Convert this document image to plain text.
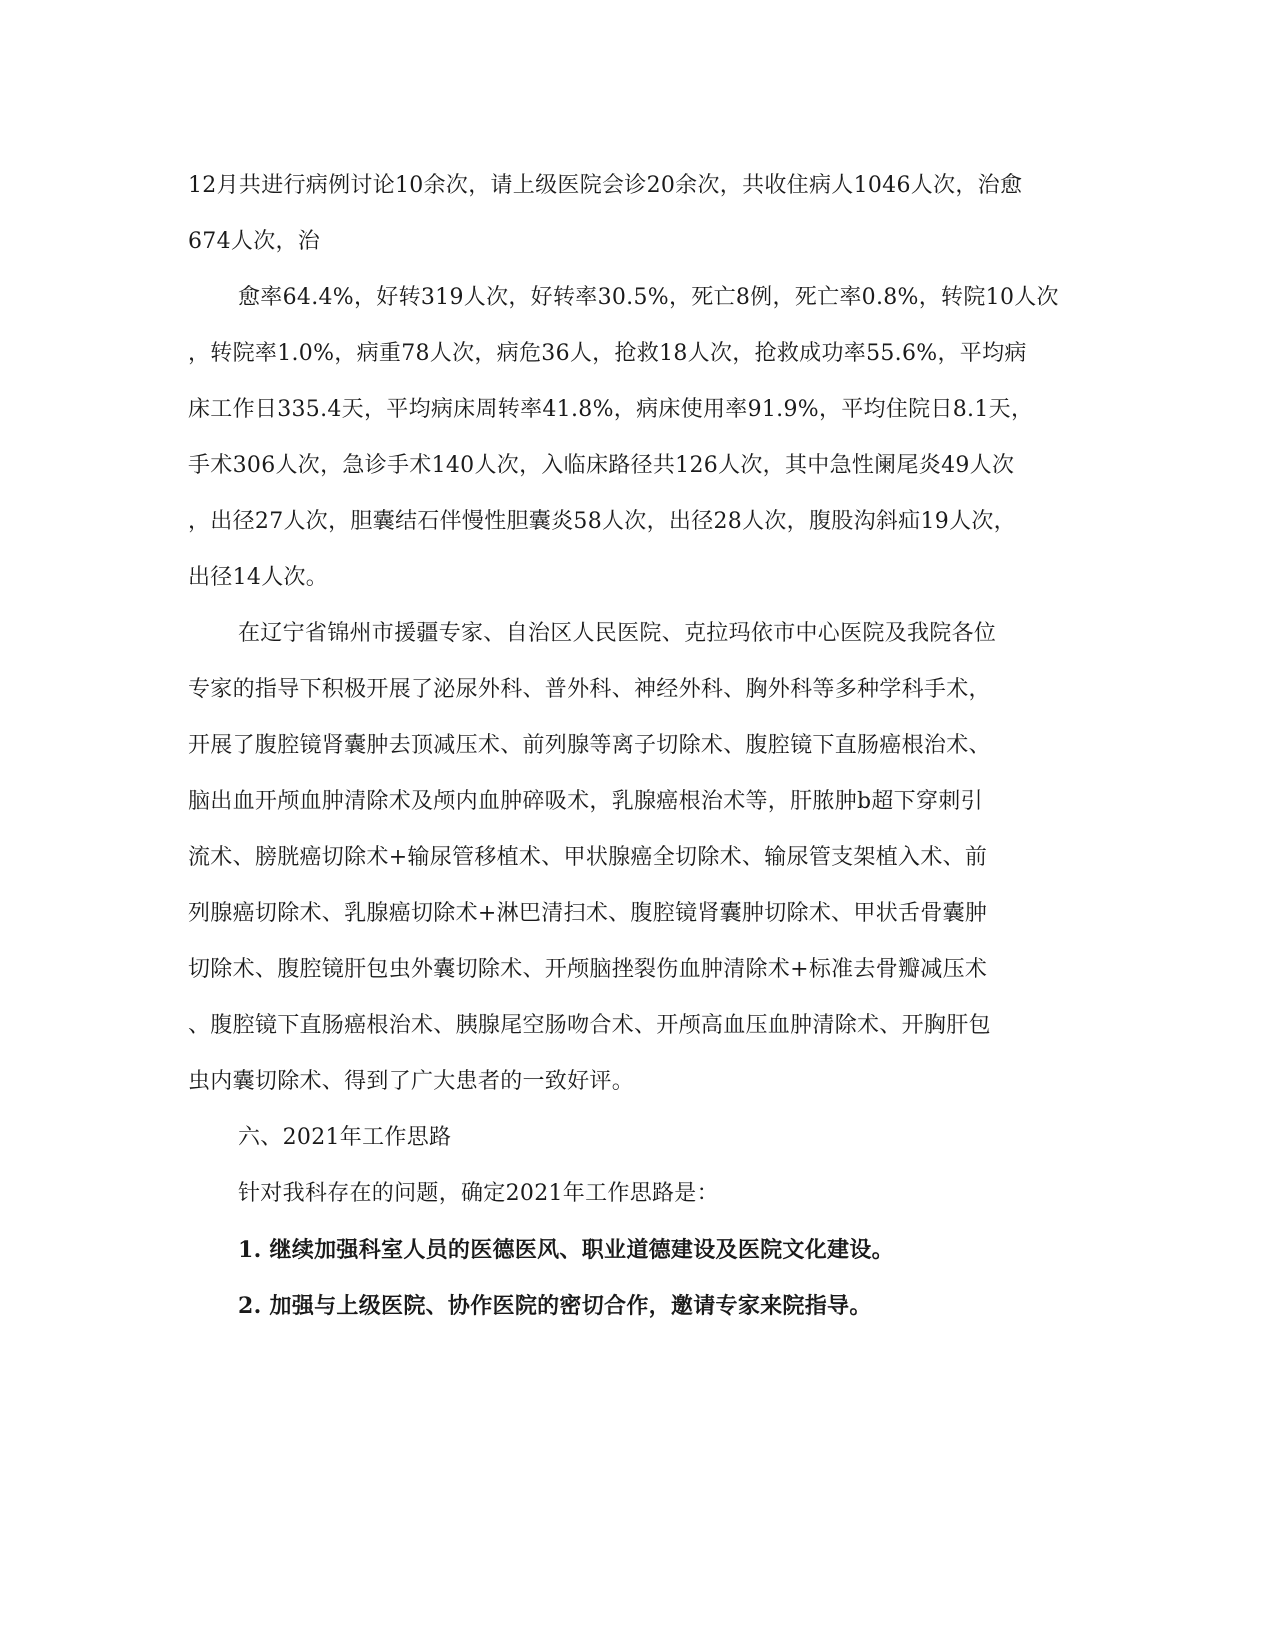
12月共进行病例讨论10余次，请上级医院会诊20余次，共收住病人1046人次，治愈
674人次，治
愈率64.4%，好转319人次，好转率30.5%，死亡8例，死亡率0.8%，转院10人次
，转院率1.0%，病重78人次，病危36人，抢救18人次，抢救成功率55.6%，平均病
床工作日335.4天，平均病床周转率41.8%，病床使用率91.9%，平均住院日8.1天，
手术306人次，急诊手术140人次，入临床路径共126人次，其中急性阑尾炎49人次
，出径27人次，胆囊结石伴慢性胆囊炎58人次，出径28人次，腹股沟斜疝19人次，
出径14人次。
在辽宁省锦州市援疆专家、自治区人民医院、克拉玛依市中心医院及我院各位
专家的指导下积极开展了泌尿外科、普外科、神经外科、胸外科等多种学科手术，
开展了腹腔镜肾囊肿去顶减压术、前列腺等离子切除术、腹腔镜下直肠癌根治术、
脑出血开颅血肿清除术及颅内血肿碎吸术，乳腺癌根治术等，肝脓肿b超下穿刺引
流术、膀胱癌切除术+输尿管移植术、甲状腺癌全切除术、输尿管支架植入术、前
列腺癌切除术、乳腺癌切除术+淋巴清扫术、腹腔镜肾囊肿切除术、甲状舌骨囊肿
切除术、腹腔镜肝包虫外囊切除术、开颅脑挫裂伤血肿清除术+标准去骨瓣减压术
、腹腔镜下直肠癌根治术、胰腺尾空肠吻合术、开颅高血压血肿清除术、开胸肝包
虫内囊切除术、得到了广大患者的一致好评。
六、2021年工作思路
针对我科存在的问题，确定2021年工作思路是：
1. 继续加强科室人员的医德医风、职业道德建设及医院文化建设。
2. 加强与上级医院、协作医院的密切合作，邀请专家来院指导。
